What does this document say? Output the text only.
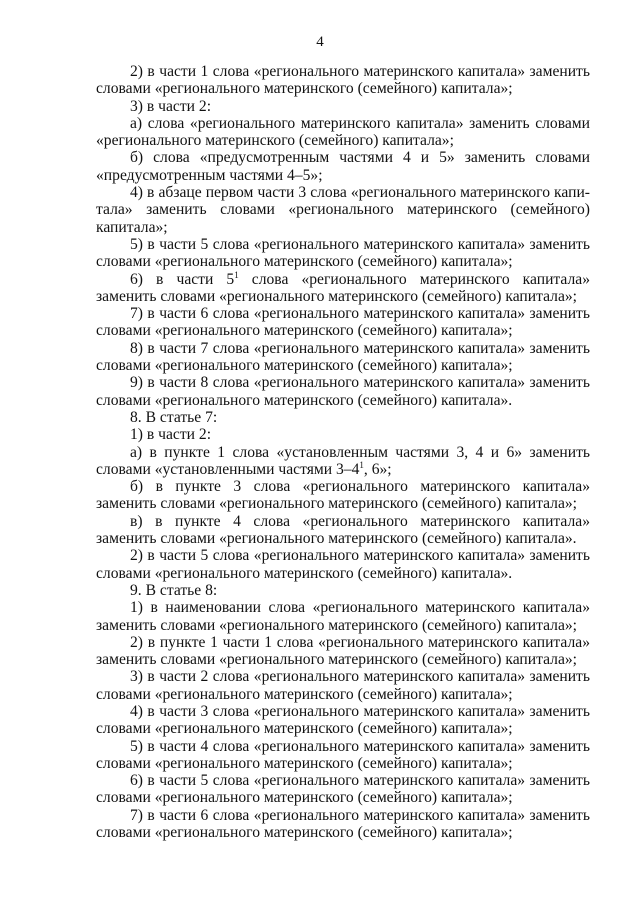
4

2) в части 1 слова «регионального материнского капитала» заменить словами «регионального материнского (семейного) капитала»;

3) в части 2:

а) слова «регионального материнского капитала» заменить словами «регионального материнского (семейного) капитала»;

б) слова «предусмотренным частями 4 и 5» заменить словами «предусмотренным частями 4–5»;

4) в абзаце первом части 3 слова «регионального материнского капитала» заменить словами «регионального материнского (семейного) капитала»;

5) в части 5 слова «регионального материнского капитала» заменить словами «регионального материнского (семейного) капитала»;

6) в части $5^1$ слова «регионального материнского капитала» заменить словами «регионального материнского (семейного) капитала»;

7) в части 6 слова «регионального материнского капитала» заменить словами «регионального материнского (семейного) капитала»;

8) в части 7 слова «регионального материнского капитала» заменить словами «регионального материнского (семейного) капитала»;

9) в части 8 слова «регионального материнского капитала» заменить словами «регионального материнского (семейного) капитала».

8. В статье 7:

1) в части 2:

а) в пункте 1 слова «установленным частями 3, 4 и 6» заменить словами «установленными частями $3-4^1$, 6»;

б) в пункте 3 слова «регионального материнского капитала» заменить словами «регионального материнского (семейного) капитала»;

в) в пункте 4 слова «регионального материнского капитала» заменить словами «регионального материнского (семейного) капитала».

2) в части 5 слова «регионального материнского капитала» заменить словами «регионального материнского (семейного) капитала».

9. В статье 8:

1) в наименовании слова «регионального материнского капитала» заменить словами «регионального материнского (семейного) капитала»;

2) в пункте 1 части 1 слова «регионального материнского капитала» заменить словами «регионального материнского (семейного) капитала»;

3) в части 2 слова «регионального материнского капитала» заменить словами «регионального материнского (семейного) капитала»;

4) в части 3 слова «регионального материнского капитала» заменить словами «регионального материнского (семейного) капитала»;

5) в части 4 слова «регионального материнского капитала» заменить словами «регионального материнского (семейного) капитала»;

6) в части 5 слова «регионального материнского капитала» заменить словами «регионального материнского (семейного) капитала»;

7) в части 6 слова «регионального материнского капитала» заменить словами «регионального материнского (семейного) капитала»;
